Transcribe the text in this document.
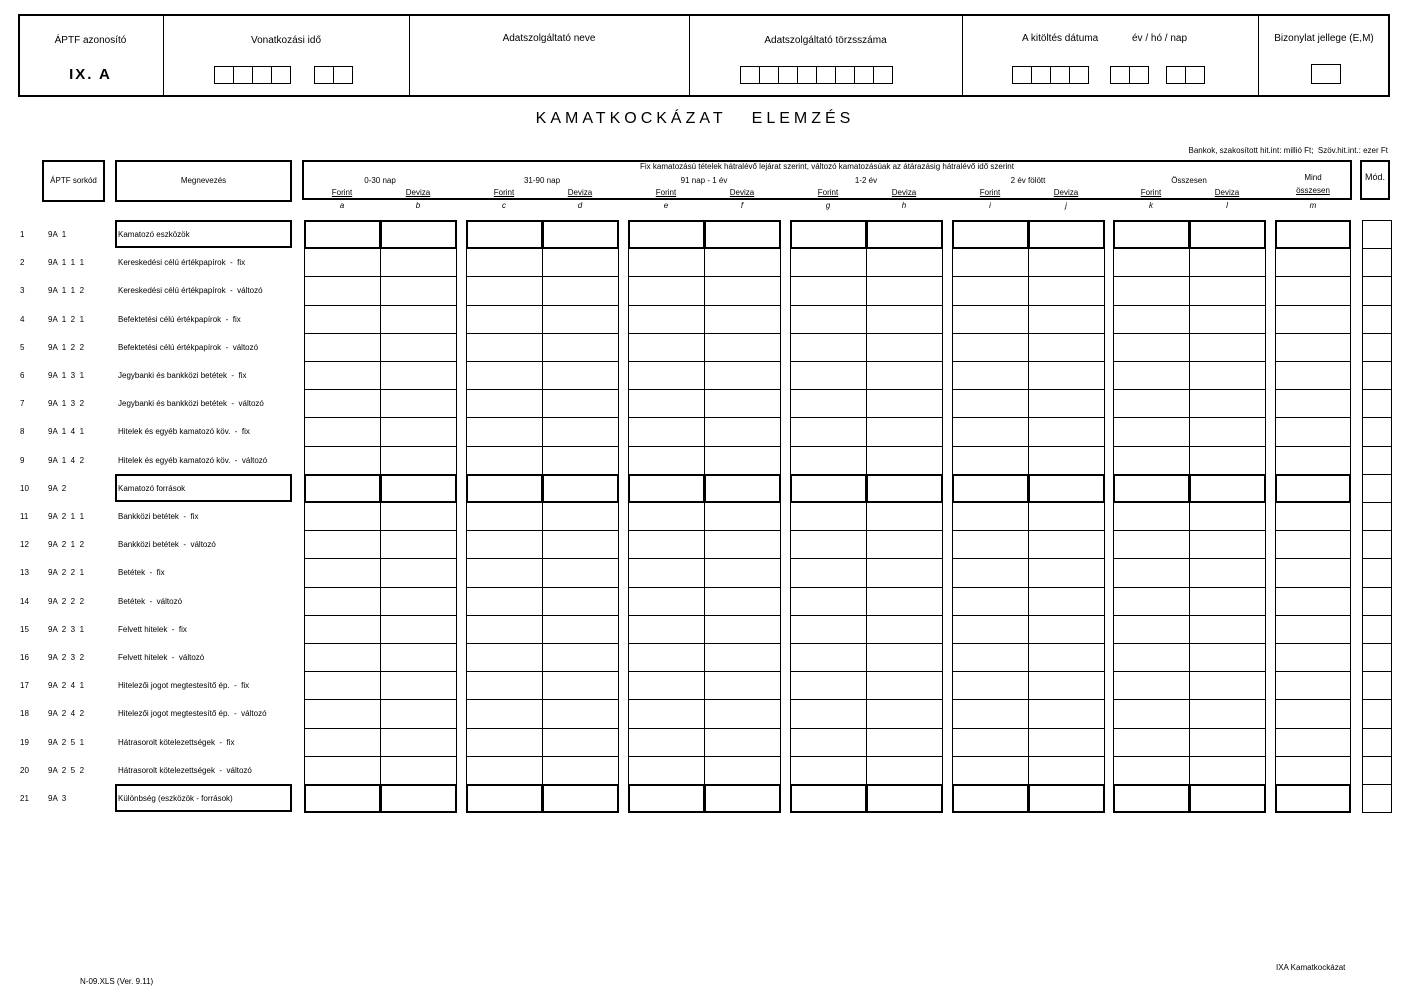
ÁPTF azonosító
IX. A
Vonatkozási idő	Adatszolgáltató neve	Adatszolgáltató törzsszáma	A kitöltés dátuma	év / hó / nap	Bizonylat jellege (E,M)
KAMATKOCKÁZAT   ELEMZÉS
Bankok, szakosított hit.int: millió Ft;  Szöv.hit.int.: ezer Ft
ÁPTF sorkód	Megnevezés
Fix kamatozású tételek hátralévő lejárat szerint, változó kamatozásúak az átárazásig hátralévő idő szerint
Mód.
0-30 nap
Forint
a
Deviza
b
31-90 nap
Forint
c
Deviza
d
91 nap - 1 év
Forint
e
Deviza
f
1-2 év
Forint
g
Deviza
h
2 év fölött
Forint
i
Deviza
j
Összesen
Forint
k
Deviza
l
Mind
összesen
m
1	9A  1	Kamatozó eszközök
2	9A  1  1  1	Kereskedési célú értékpapírok  -  fix
3	9A  1  1  2	Kereskedési célú értékpapírok  -  változó
4	9A  1  2  1	Befektetési célú értékpapírok  -  fix
5	9A  1  2  2	Befektetési célú értékpapírok  -  változó
6	9A  1  3  1	Jegybanki és bankközi betétek  -  fix
7	9A  1  3  2	Jegybanki és bankközi betétek  -  változó
8	9A  1  4  1	Hitelek és egyéb kamatozó köv.  -  fix
9	9A  1  4  2	Hitelek és egyéb kamatozó köv.  -  változó
10 9A  2	Kamatozó források
11 9A  2  1  1	Bankközi betétek  -  fix
12 9A  2  1  2	Bankközi betétek  -  változó
13 9A  2  2  1	Betétek  -  fix
14 9A  2  2  2	Betétek  -  változó
15 9A  2  3  1	Felvett hitelek  -  fix
16 9A  2  3  2	Felvett hitelek  -  változó
17 9A  2  4  1	Hitelezői jogot megtestesítő ép.  -  fix
18 9A  2  4  2	Hitelezői jogot megtestesítő ép.  -  változó
19 9A  2  5  1	Hátrasorolt kötelezettségek  -  fix
20 9A  2  5  2	Hátrasorolt kötelezettségek  -  változó
21 9A  3	Különbség (eszközök - források)
N-09.XLS (Ver. 9.11)
IXA Kamatkockázat
